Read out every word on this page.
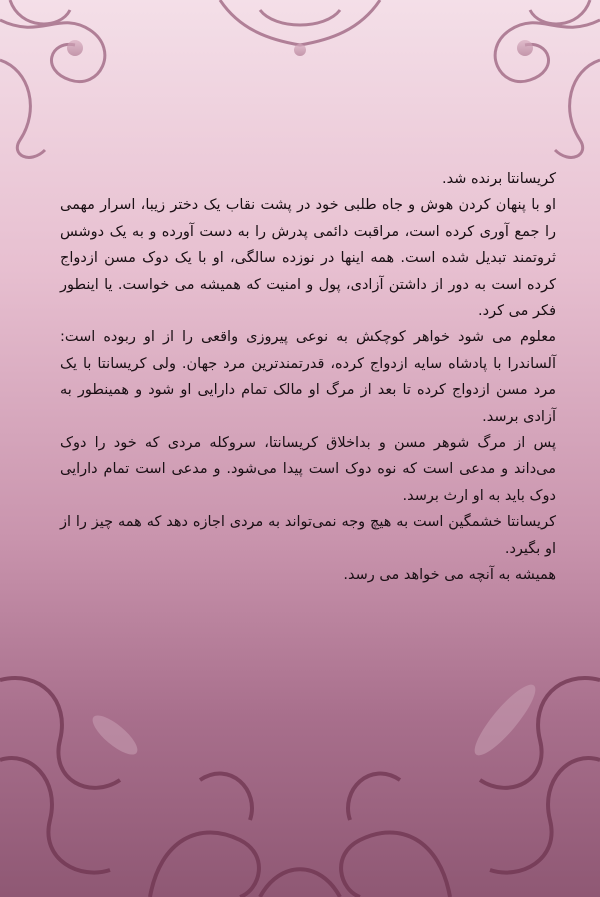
کریسانتا برنده شد.

او با پنهان کردن هوش و جاه طلبی خود در پشت نقاب یک دختر زیبا، اسرار مهمی را جمع آوری کرده است، مراقبت دائمی پدرش را به دست آورده و به یک دوشس ثروتمند تبدیل شده است. همه اینها در نوزده سالگی، او با یک دوک مسن ازدواج کرده است به دور از داشتن آزادی، پول و امنیت که همیشه می خواست. یا اینطور فکر می کرد.

معلوم می شود خواهر کوچکش به نوعی پیروزی واقعی را از او ربوده است: آلساندرا با پادشاه سایه ازدواج کرده، قدرتمندترین مرد جهان. ولی کریسانتا با یک مرد مسن ازدواج کرده تا بعد از مرگ او مالک تمام دارایی او شود و همینطور به آزادی برسد.

پس از مرگ شوهر مسن و بداخلاق کریسانتا، سروکله مردی که خود را دوک می‌داند و مدعی است که نوه دوک است پیدا می‌شود. و مدعی است تمام دارایی دوک باید به او ارث برسد.

کریسانتا خشمگین است به هیچ وجه نمی‌تواند به مردی اجازه دهد که همه چیز را از او بگیرد.

همیشه به آنچه می خواهد می رسد.
